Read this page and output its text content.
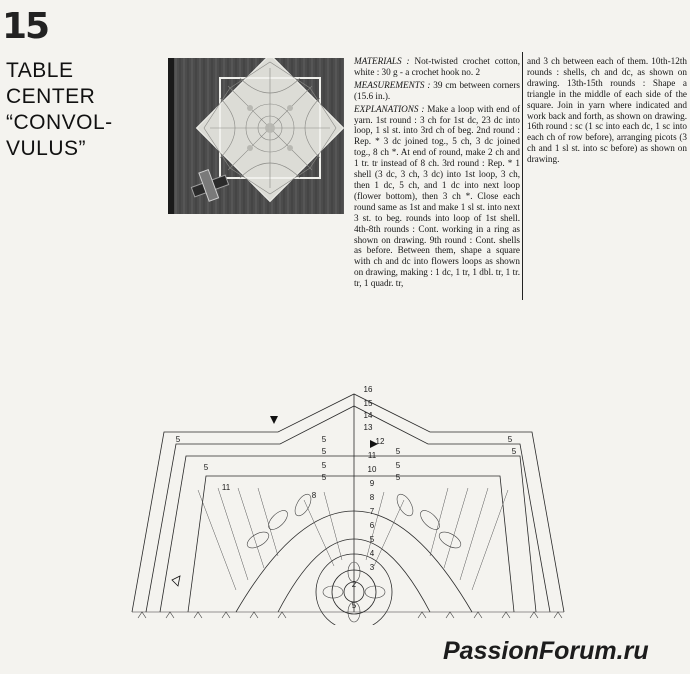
15
TABLE
CENTER
“CONVOL-
VULUS”

MATERIALS : Not-twisted crochet cotton, white : 30 g - a crochet hook no. 2

MEASUREMENTS : 39 cm between corners (15.6 in.).

EXPLANATIONS : Make a loop with end of yarn. 1st round : 3 ch for 1st dc, 23 dc into loop, 1 sl st. into 3rd ch of beg. 2nd round : Rep. * 3 dc joined tog., 5 ch, 3 dc joined tog., 8 ch *. At end of round, make 2 ch and 1 tr. tr instead of 8 ch. 3rd round : Rep. * 1 shell (3 dc, 3 ch, 3 dc) into 1st loop, 3 ch, then 1 dc, 5 ch, and 1 dc into next loop (flower bottom), then 3 ch *. Close each round same as 1st and make 1 sl st. into next 3 st. to beg. rounds into loop of 1st shell. 4th-8th rounds : Cont. working in a ring as shown on drawing. 9th round : Cont. shells as before. Between them, shape a square with ch and dc into flowers loops as shown on drawing, making : 1 dc, 1 tr, 1 dbl. tr, 1 tr. tr, 1 quadr. tr,

and 3 ch between each of them. 10th-12th rounds : shells, ch and dc, as shown on drawing. 13th-15th rounds : Shape a triangle in the middle of each side of the square. Join in yarn where indicated and work back and forth, as shown on drawing. 16th round : sc (1 sc into each dc, 1 sc into each ch of row before), arranging picots (3 ch and 1 sl st. into sc before) as shown on drawing.

16
15
14
13
12
11
10
9
8
7
6
5
4
3
2
5	5
5
5
5
5
5
5
5
5
11
8
5
5
PassionForum.ru
